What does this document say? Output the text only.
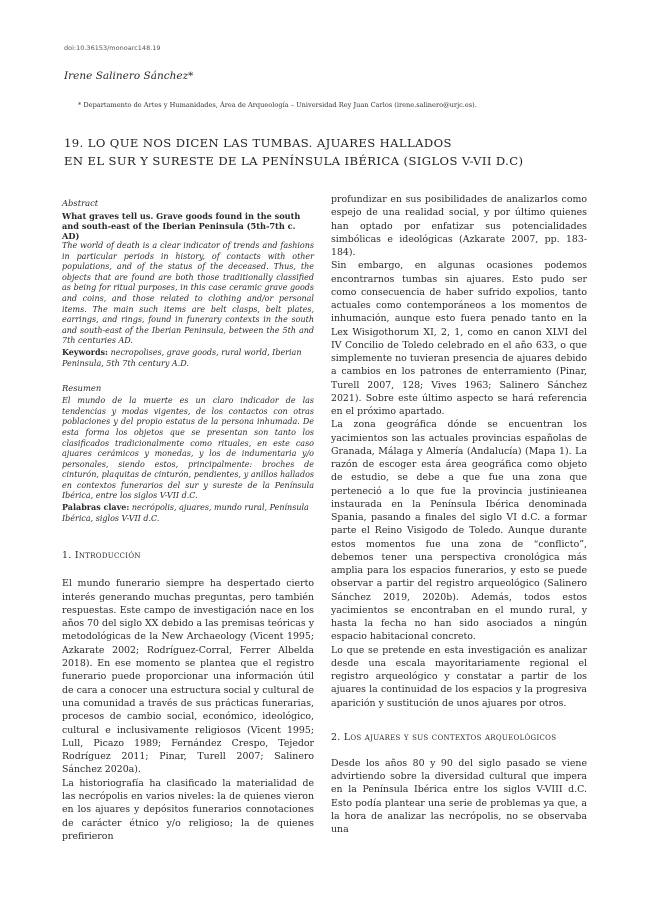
doi:10.36153/monoarc148.19
Irene Salinero Sánchez*
* Departamento de Artes y Humanidades, Área de Arqueología – Universidad Rey Juan Carlos (irene.salinero@urjc.es).
19. LO QUE NOS DICEN LAS TUMBAS. AJUARES HALLADOS
EN EL SUR Y SURESTE DE LA PENÍNSULA IBÉRICA (SIGLOS V-VII D.C)

Abstract

What graves tell us. Grave goods found in the south and south-east of the Iberian Peninsula (5th-7th c. AD)

The world of death is a clear indicator of trends and fashions in particular periods in history, of contacts with other populations, and of the status of the deceased. Thus, the objects that are found are both those traditionally classified as being for ritual purposes, in this case ceramic grave goods and coins, and those related to clothing and/or personal items. The main such items are belt clasps, belt plates, earrings, and rings, found in funerary contexts in the south and south-east of the Iberian Peninsula, between the 5th and 7th centuries AD.

Keywords: necropolises, grave goods, rural world, Iberian Peninsula, 5th 7th century A.D.

Resumen

El mundo de la muerte es un claro indicador de las tendencias y modas vigentes, de los contactos con otras poblaciones y del propio estatus de la persona inhumada. De esta forma los objetos que se presentan son tanto los clasificados tradicionalmente como rituales, en este caso ajuares cerámicos y monedas, y los de indumentaria y/o personales, siendo estos, principalmente: broches de cinturón, plaquitas de cinturón, pendientes, y anillos hallados en contextos funerarios del sur y sureste de la Península Ibérica, entre los siglos V-VII d.C.

Palabras clave: necrópolis, ajuares, mundo rural, Península Ibérica, siglos V-VII d.C.

1. Introducción

El mundo funerario siempre ha despertado cierto interés generando muchas preguntas, pero también respuestas. Este campo de investigación nace en los años 70 del siglo XX debido a las premisas teóricas y metodológicas de la New Archaeology (Vicent 1995; Azkarate 2002; Rodríguez-Corral, Ferrer Albelda 2018). En ese momento se plantea que el registro funerario puede proporcionar una información útil de cara a conocer una estructura social y cultural de una comunidad a través de sus prácticas funerarias, procesos de cambio social, económico, ideológico, cultural e inclusivamente religiosos (Vicent 1995; Lull, Picazo 1989; Fernández Crespo, Tejedor Rodríguez 2011; Pinar, Turell 2007; Salinero Sánchez 2020a).

La historiografía ha clasificado la materialidad de las necrópolis en varios niveles: la de quienes vieron en los ajuares y depósitos funerarios connotaciones de carácter étnico y/o religioso; la de quienes prefirieron

profundizar en sus posibilidades de analizarlos como espejo de una realidad social, y por último quienes han optado por enfatizar sus potencialidades simbólicas e ideológicas (Azkarate 2007, pp. 183-184).

Sin embargo, en algunas ocasiones podemos encontrarnos tumbas sin ajuares. Esto pudo ser como consecuencia de haber sufrido expolios, tanto actuales como contemporáneos a los momentos de inhumación, aunque esto fuera penado tanto en la Lex Wisigothorum XI, 2, 1, como en canon XLVI del IV Concilio de Toledo celebrado en el año 633, o que simplemente no tuvieran presencia de ajuares debido a cambios en los patrones de enterramiento (Pinar, Turell 2007, 128; Vives 1963; Salinero Sánchez 2021). Sobre este último aspecto se hará referencia en el próximo apartado.

La zona geográfica dónde se encuentran los yacimientos son las actuales provincias españolas de Granada, Málaga y Almería (Andalucía) (Mapa 1). La razón de escoger esta área geográfica como objeto de estudio, se debe a que fue una zona que perteneció a lo que fue la provincia justinieanea instaurada en la Península Ibérica denominada Spania, pasando a finales del siglo VI d.C. a formar parte el Reino Visigodo de Toledo. Aunque durante estos momentos fue una zona de “conflicto”, debemos tener una perspectiva cronológica más amplia para los espacios funerarios, y esto se puede observar a partir del registro arqueológico (Salinero Sánchez 2019, 2020b). Además, todos estos yacimientos se encontraban en el mundo rural, y hasta la fecha no han sido asociados a ningún espacio habitacional concreto.

Lo que se pretende en esta investigación es analizar desde una escala mayoritariamente regional el registro arqueológico y constatar a partir de los ajuares la continuidad de los espacios y la progresiva aparición y sustitución de unos ajuares por otros.

2. Los ajuares y sus contextos arqueológicos

Desde los años 80 y 90 del siglo pasado se viene advirtiendo sobre la diversidad cultural que impera en la Península Ibérica entre los siglos V-VIII d.C. Esto podía plantear una serie de problemas ya que, a la hora de analizar las necrópolis, no se observaba una
